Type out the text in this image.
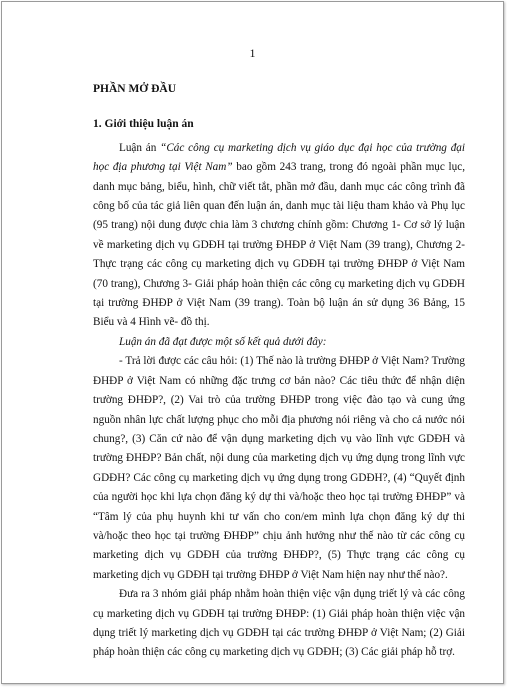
1
PHẦN MỞ ĐẦU
1. Giới thiệu luận án

Luận án “Các công cụ marketing dịch vụ giáo dục đại học của trường đại học địa phương tại Việt Nam” bao gồm 243 trang, trong đó ngoài phần mục lục, danh mục bảng, biểu, hình, chữ viết tắt, phần mở đầu, danh mục các công trình đã công bố của tác giả liên quan đến luận án, danh mục tài liệu tham khảo và Phụ lục (95 trang) nội dung được chia làm 3 chương chính gồm: Chương 1- Cơ sở lý luận về marketing dịch vụ GDĐH tại trường ĐHĐP ở Việt Nam (39 trang), Chương 2- Thực trạng các công cụ marketing dịch vụ GDĐH tại trường ĐHĐP ở Việt Nam (70 trang), Chương 3- Giải pháp hoàn thiện các công cụ marketing dịch vụ GDĐH tại trường ĐHĐP ở Việt Nam (39 trang). Toàn bộ luận án sử dụng 36 Bảng, 15 Biểu và 4 Hình vẽ- đồ thị.

Luận án đã đạt được một số kết quả dưới đây:

- Trả lời được các câu hỏi: (1) Thế nào là trường ĐHĐP ở Việt Nam? Trường ĐHĐP ở Việt Nam có những đặc trưng cơ bản nào? Các tiêu thức để nhận diện trường ĐHĐP?, (2) Vai trò của trường ĐHĐP trong việc đào tạo và cung ứng nguồn nhân lực chất lượng phục cho mỗi địa phương nói riêng và cho cả nước nói chung?, (3) Căn cứ nào để vận dụng marketing dịch vụ vào lĩnh vực GDĐH và trường ĐHĐP? Bản chất, nội dung của marketing dịch vụ ứng dụng trong lĩnh vực GDĐH? Các công cụ marketing dịch vụ ứng dụng trong GDĐH?, (4) “Quyết định của người học khi lựa chọn đăng ký dự thi và/hoặc theo học tại trường ĐHĐP” và “Tâm lý của phụ huynh khi tư vấn cho con/em mình lựa chọn đăng ký dự thi và/hoặc theo học tại trường ĐHĐP” chịu ảnh hưởng như thế nào từ các công cụ marketing dịch vụ GDĐH của trường ĐHĐP?, (5) Thực trạng các công cụ marketing dịch vụ GDĐH tại trường ĐHĐP ở Việt Nam hiện nay như thế nào?.

Đưa ra 3 nhóm giải pháp nhằm hoàn thiện việc vận dụng triết lý và các công cụ marketing dịch vụ GDĐH tại trường ĐHĐP: (1) Giải pháp hoàn thiện việc vận dụng triết lý marketing dịch vụ GDĐH tại các trường ĐHĐP ở Việt Nam; (2) Giải pháp hoàn thiện các công cụ marketing dịch vụ GDĐH; (3) Các giải pháp hỗ trợ.
